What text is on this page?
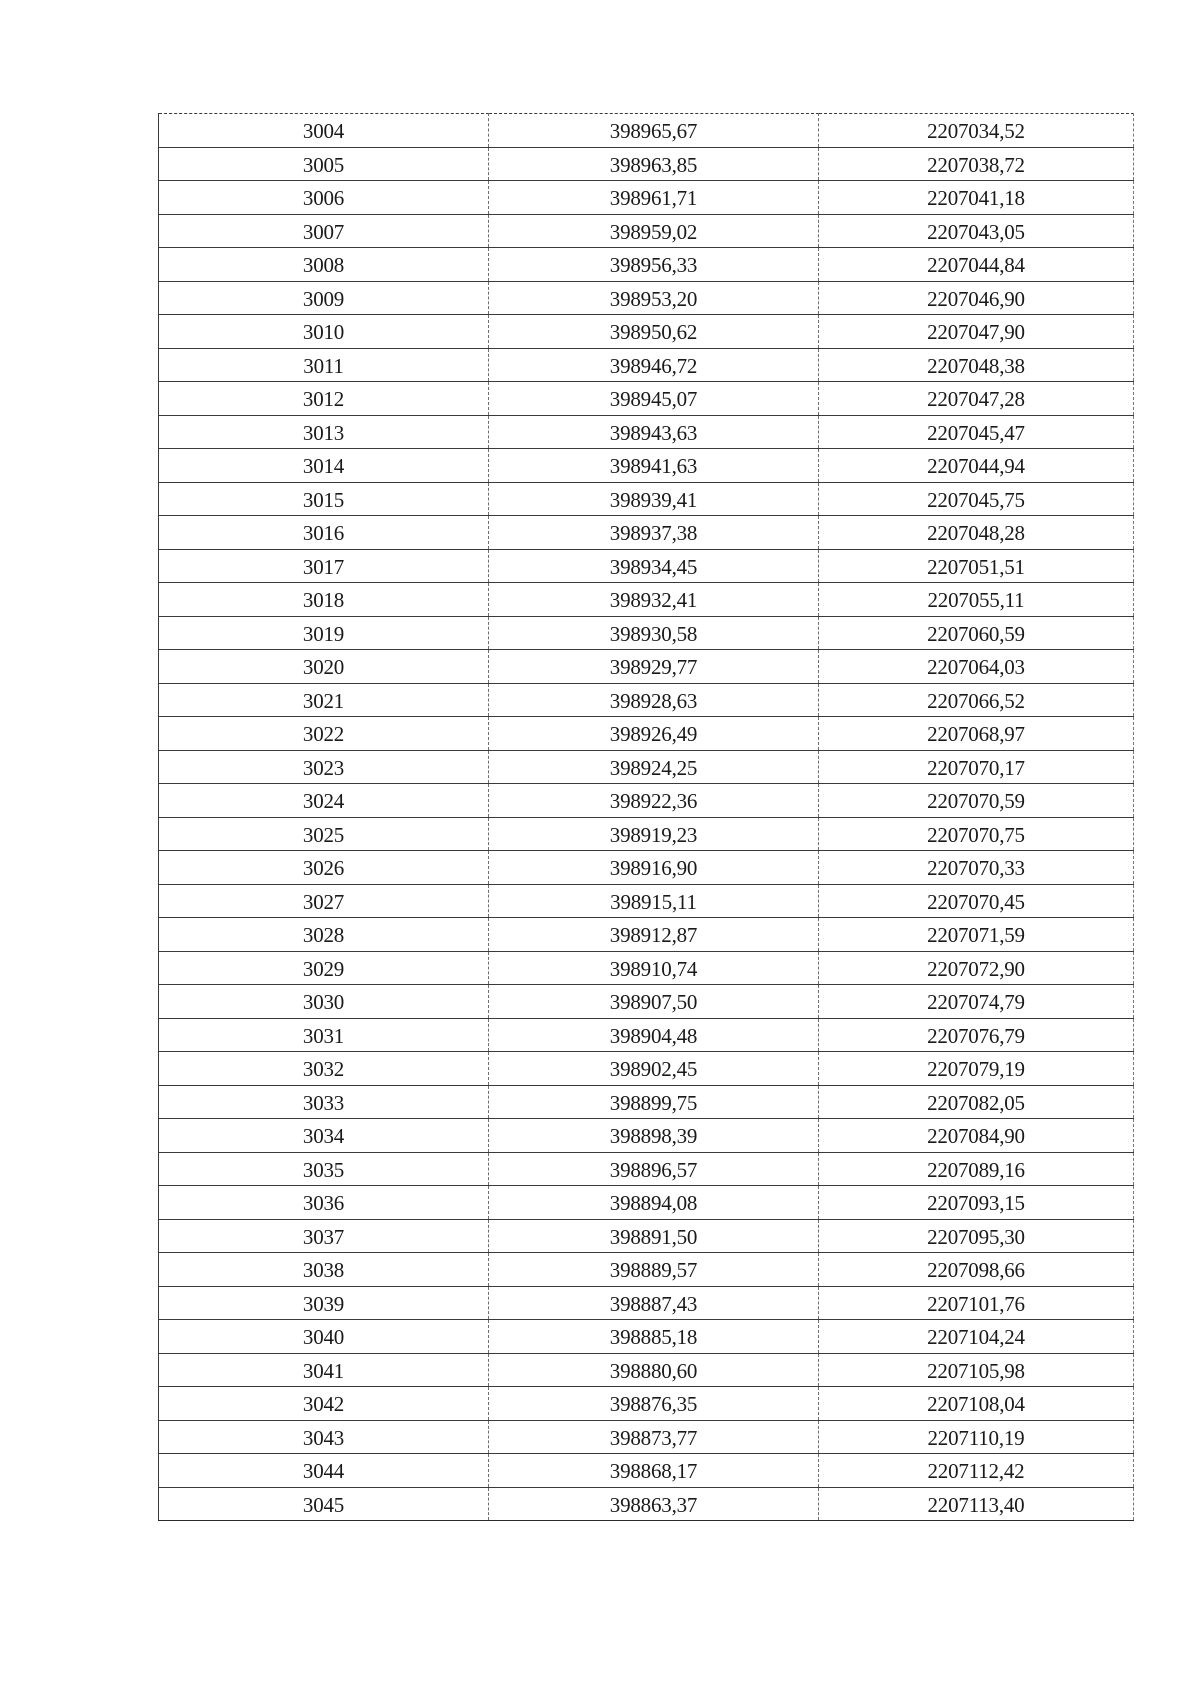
3004	398965,67	2207034,52
3005	398963,85	2207038,72
3006	398961,71	2207041,18
3007	398959,02	2207043,05
3008	398956,33	2207044,84
3009	398953,20	2207046,90
3010	398950,62	2207047,90
3011	398946,72	2207048,38
3012	398945,07	2207047,28
3013	398943,63	2207045,47
3014	398941,63	2207044,94
3015	398939,41	2207045,75
3016	398937,38	2207048,28
3017	398934,45	2207051,51
3018	398932,41	2207055,11
3019	398930,58	2207060,59
3020	398929,77	2207064,03
3021	398928,63	2207066,52
3022	398926,49	2207068,97
3023	398924,25	2207070,17
3024	398922,36	2207070,59
3025	398919,23	2207070,75
3026	398916,90	2207070,33
3027	398915,11	2207070,45
3028	398912,87	2207071,59
3029	398910,74	2207072,90
3030	398907,50	2207074,79
3031	398904,48	2207076,79
3032	398902,45	2207079,19
3033	398899,75	2207082,05
3034	398898,39	2207084,90
3035	398896,57	2207089,16
3036	398894,08	2207093,15
3037	398891,50	2207095,30
3038	398889,57	2207098,66
3039	398887,43	2207101,76
3040	398885,18	2207104,24
3041	398880,60	2207105,98
3042	398876,35	2207108,04
3043	398873,77	2207110,19
3044	398868,17	2207112,42
3045	398863,37	2207113,40
